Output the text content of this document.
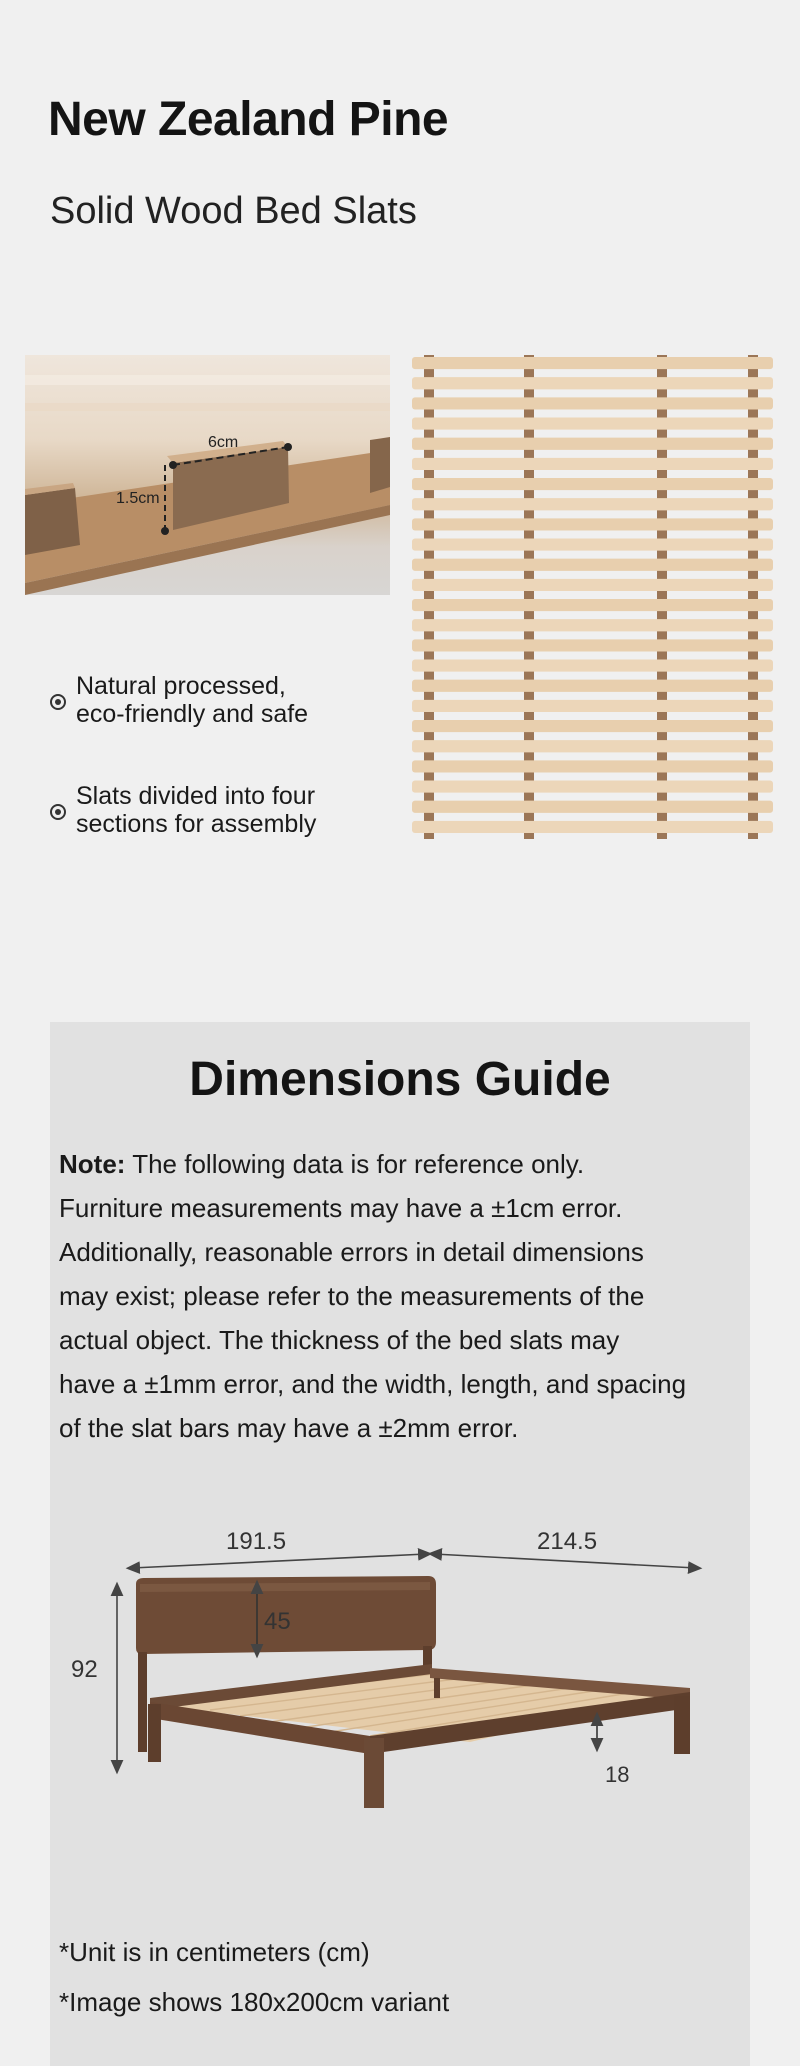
New Zealand Pine
Solid Wood Bed Slats
6cm
1.5cm
Natural processed,
eco-friendly and safe
Slats divided into four
sections for assembly
Dimensions Guide
Note: The following data is for reference only.
Furniture measurements may have a ±1cm error.
Additionally, reasonable errors in detail dimensions
may exist; please refer to the measurements of the
actual object. The thickness of the bed slats may
have a ±1mm error, and the width, length, and spacing
of the slat bars may have a ±2mm error.
191.5	214.5
92
45
18
*Unit is in centimeters (cm)
*Image shows 180x200cm variant
